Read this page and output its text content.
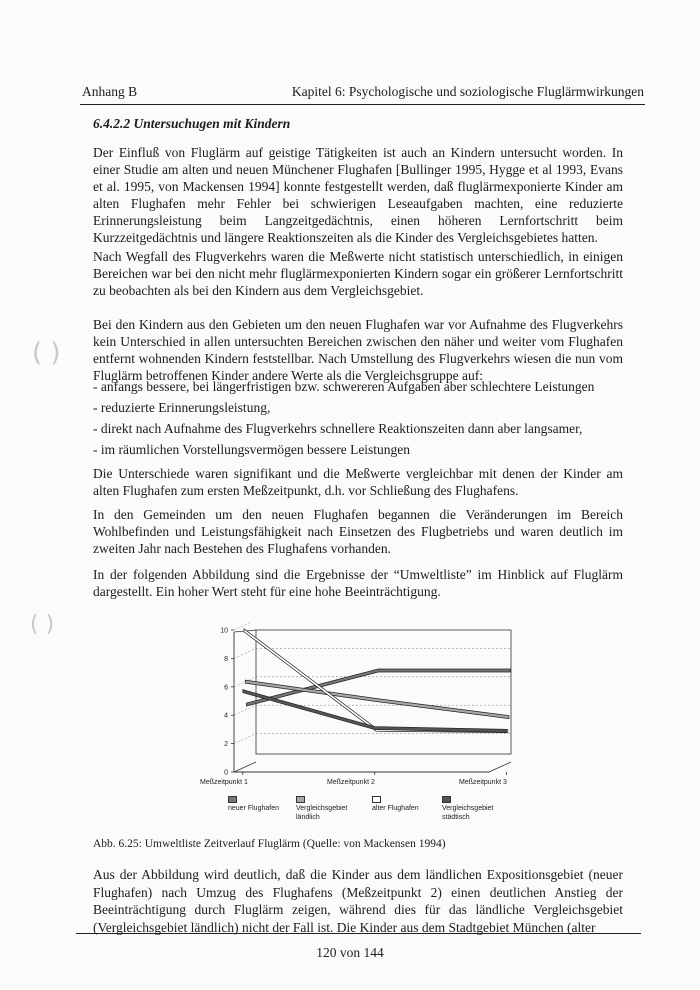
Anhang B	Kapitel 6: Psychologische und soziologische Fluglärmwirkungen
6.4.2.2 Untersuchugen mit Kindern

Der Einfluß von Fluglärm auf geistige Tätigkeiten ist auch an Kindern untersucht worden. In einer Studie am alten und neuen Münchener Flughafen [Bullinger 1995, Hygge et al 1993, Evans et al. 1995, von Mackensen 1994] konnte festgestellt werden, daß fluglärmexponierte Kinder am alten Flughafen mehr Fehler bei schwierigen Leseaufgaben machten, eine reduzierte Erinnerungsleistung beim Langzeitgedächtnis, einen höheren Lernfortschritt beim Kurzzeitgedächtnis und längere Reaktionszeiten als die Kinder des Vergleichsgebietes hatten.

Nach Wegfall des Flugverkehrs waren die Meßwerte nicht statistisch unterschiedlich, in einigen Bereichen war bei den nicht mehr fluglärmexponierten Kindern sogar ein größerer Lernfortschritt zu beobachten als bei den Kindern aus dem Vergleichsgebiet.

Bei den Kindern aus den Gebieten um den neuen Flughafen war vor Aufnahme des Flugverkehrs kein Unterschied in allen untersuchten Bereichen zwischen den näher und weiter vom Flughafen entfernt wohnenden Kindern feststellbar. Nach Umstellung des Flugverkehrs wiesen die nun vom Fluglärm betroffenen Kinder andere Werte als die Vergleichsgruppe auf:

- anfangs bessere, bei längerfristigen bzw. schwereren Aufgaben aber schlechtere Leistungen

- reduzierte Erinnerungsleistung,

- direkt nach Aufnahme des Flugverkehrs schnellere Reaktionszeiten dann aber langsamer,

- im räumlichen Vorstellungsvermögen bessere Leistungen

Die Unterschiede waren signifikant und die Meßwerte vergleichbar mit denen der Kinder am alten Flughafen zum ersten Meßzeitpunkt, d.h. vor Schließung des Flughafens.

In den Gemeinden um den neuen Flughafen begannen die Veränderungen im Bereich Wohlbefinden und Leistungsfähigkeit nach Einsetzen des Flugbetriebs und waren deutlich im zweiten Jahr nach Bestehen des Flughafens vorhanden.

In der folgenden Abbildung sind die Ergebnisse der “Umweltliste” im Hinblick auf Fluglärm dargestellt. Ein hoher Wert steht für eine hohe Beeinträchtigung.

0
2
4
6
8
10
Meßzeitpunkt 1	Meßzeitpunkt 2	Meßzeitpunkt 3
neuer Flughafen	Vergleichsgebiet ländlich
alter Flughafen	Vergleichsgebiet städtisch
Abb. 6.25: Umweltliste Zeitverlauf Fluglärm (Quelle: von Mackensen 1994)

Aus der Abbildung wird deutlich, daß die Kinder aus dem ländlichen Expositionsgebiet (neuer Flughafen) nach Umzug des Flughafens (Meßzeitpunkt 2) einen deutlichen Anstieg der Beeinträchtigung durch Fluglärm zeigen, während dies für das ländliche Vergleichsgebiet (Vergleichsgebiet ländlich) nicht der Fall ist. Die Kinder aus dem Stadtgebiet München (alter

120 von 144
( )
( )
